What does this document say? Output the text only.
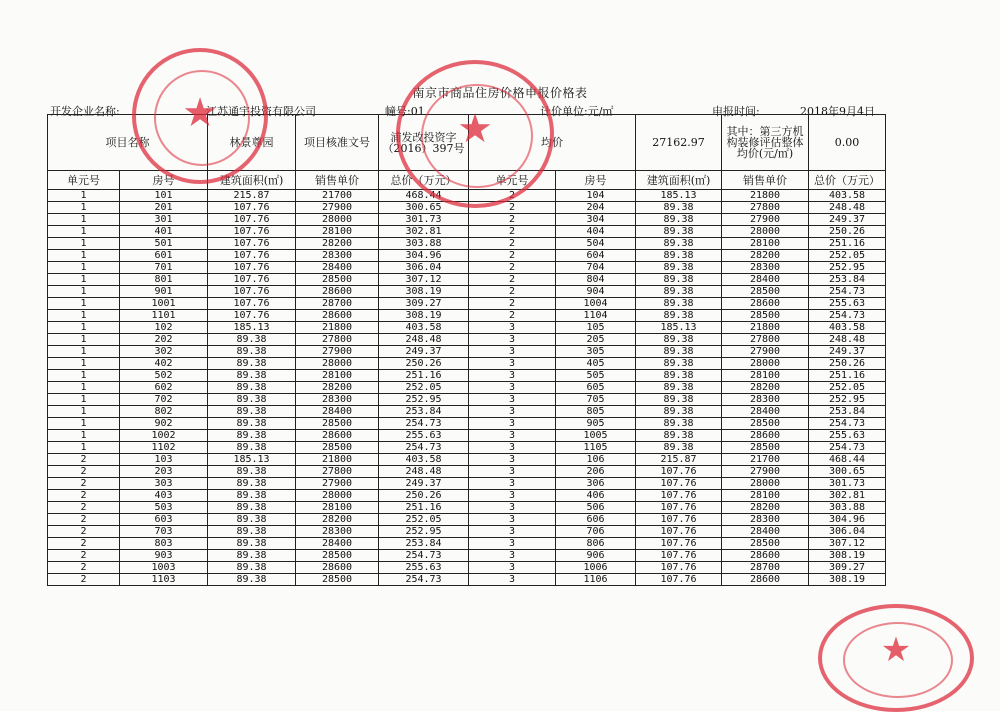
南京市商品住房价格申报价格表
开发企业名称:	江苏通宇投资有限公司	幢号:01	计价单位:元/㎡	申报时间:	2018年9月4日
项目名称		林景尊园	项目核准文号	浦发改投资字（2016）397号	均价		27162.97	其中：第三方机构装修评估整体均价(元/㎡)	0.00
单元号	房号	建筑面积(㎡)	销售单价	总价（万元）	单元号	房号	建筑面积(㎡)	销售单价	总价（万元）
1	101	215.87	21700	468.44	2	104	185.13	21800	403.58
1	201	107.76	27900	300.65	2	204	89.38	27800	248.48
1	301	107.76	28000	301.73	2	304	89.38	27900	249.37
1	401	107.76	28100	302.81	2	404	89.38	28000	250.26
1	501	107.76	28200	303.88	2	504	89.38	28100	251.16
1	601	107.76	28300	304.96	2	604	89.38	28200	252.05
1	701	107.76	28400	306.04	2	704	89.38	28300	252.95
1	801	107.76	28500	307.12	2	804	89.38	28400	253.84
1	901	107.76	28600	308.19	2	904	89.38	28500	254.73
1	1001	107.76	28700	309.27	2	1004	89.38	28600	255.63
1	1101	107.76	28600	308.19	2	1104	89.38	28500	254.73
1	102	185.13	21800	403.58	3	105	185.13	21800	403.58
1	202	89.38	27800	248.48	3	205	89.38	27800	248.48
1	302	89.38	27900	249.37	3	305	89.38	27900	249.37
1	402	89.38	28000	250.26	3	405	89.38	28000	250.26
1	502	89.38	28100	251.16	3	505	89.38	28100	251.16
1	602	89.38	28200	252.05	3	605	89.38	28200	252.05
1	702	89.38	28300	252.95	3	705	89.38	28300	252.95
1	802	89.38	28400	253.84	3	805	89.38	28400	253.84
1	902	89.38	28500	254.73	3	905	89.38	28500	254.73
1	1002	89.38	28600	255.63	3	1005	89.38	28600	255.63
1	1102	89.38	28500	254.73	3	1105	89.38	28500	254.73
2	103	185.13	21800	403.58	3	106	215.87	21700	468.44
2	203	89.38	27800	248.48	3	206	107.76	27900	300.65
2	303	89.38	27900	249.37	3	306	107.76	28000	301.73
2	403	89.38	28000	250.26	3	406	107.76	28100	302.81
2	503	89.38	28100	251.16	3	506	107.76	28200	303.88
2	603	89.38	28200	252.05	3	606	107.76	28300	304.96
2	703	89.38	28300	252.95	3	706	107.76	28400	306.04
2	803	89.38	28400	253.84	3	806	107.76	28500	307.12
2	903	89.38	28500	254.73	3	906	107.76	28600	308.19
2	1003	89.38	28600	255.63	3	1006	107.76	28700	309.27
2	1103	89.38	28500	254.73	3	1106	107.76	28600	308.19
★	★
★
